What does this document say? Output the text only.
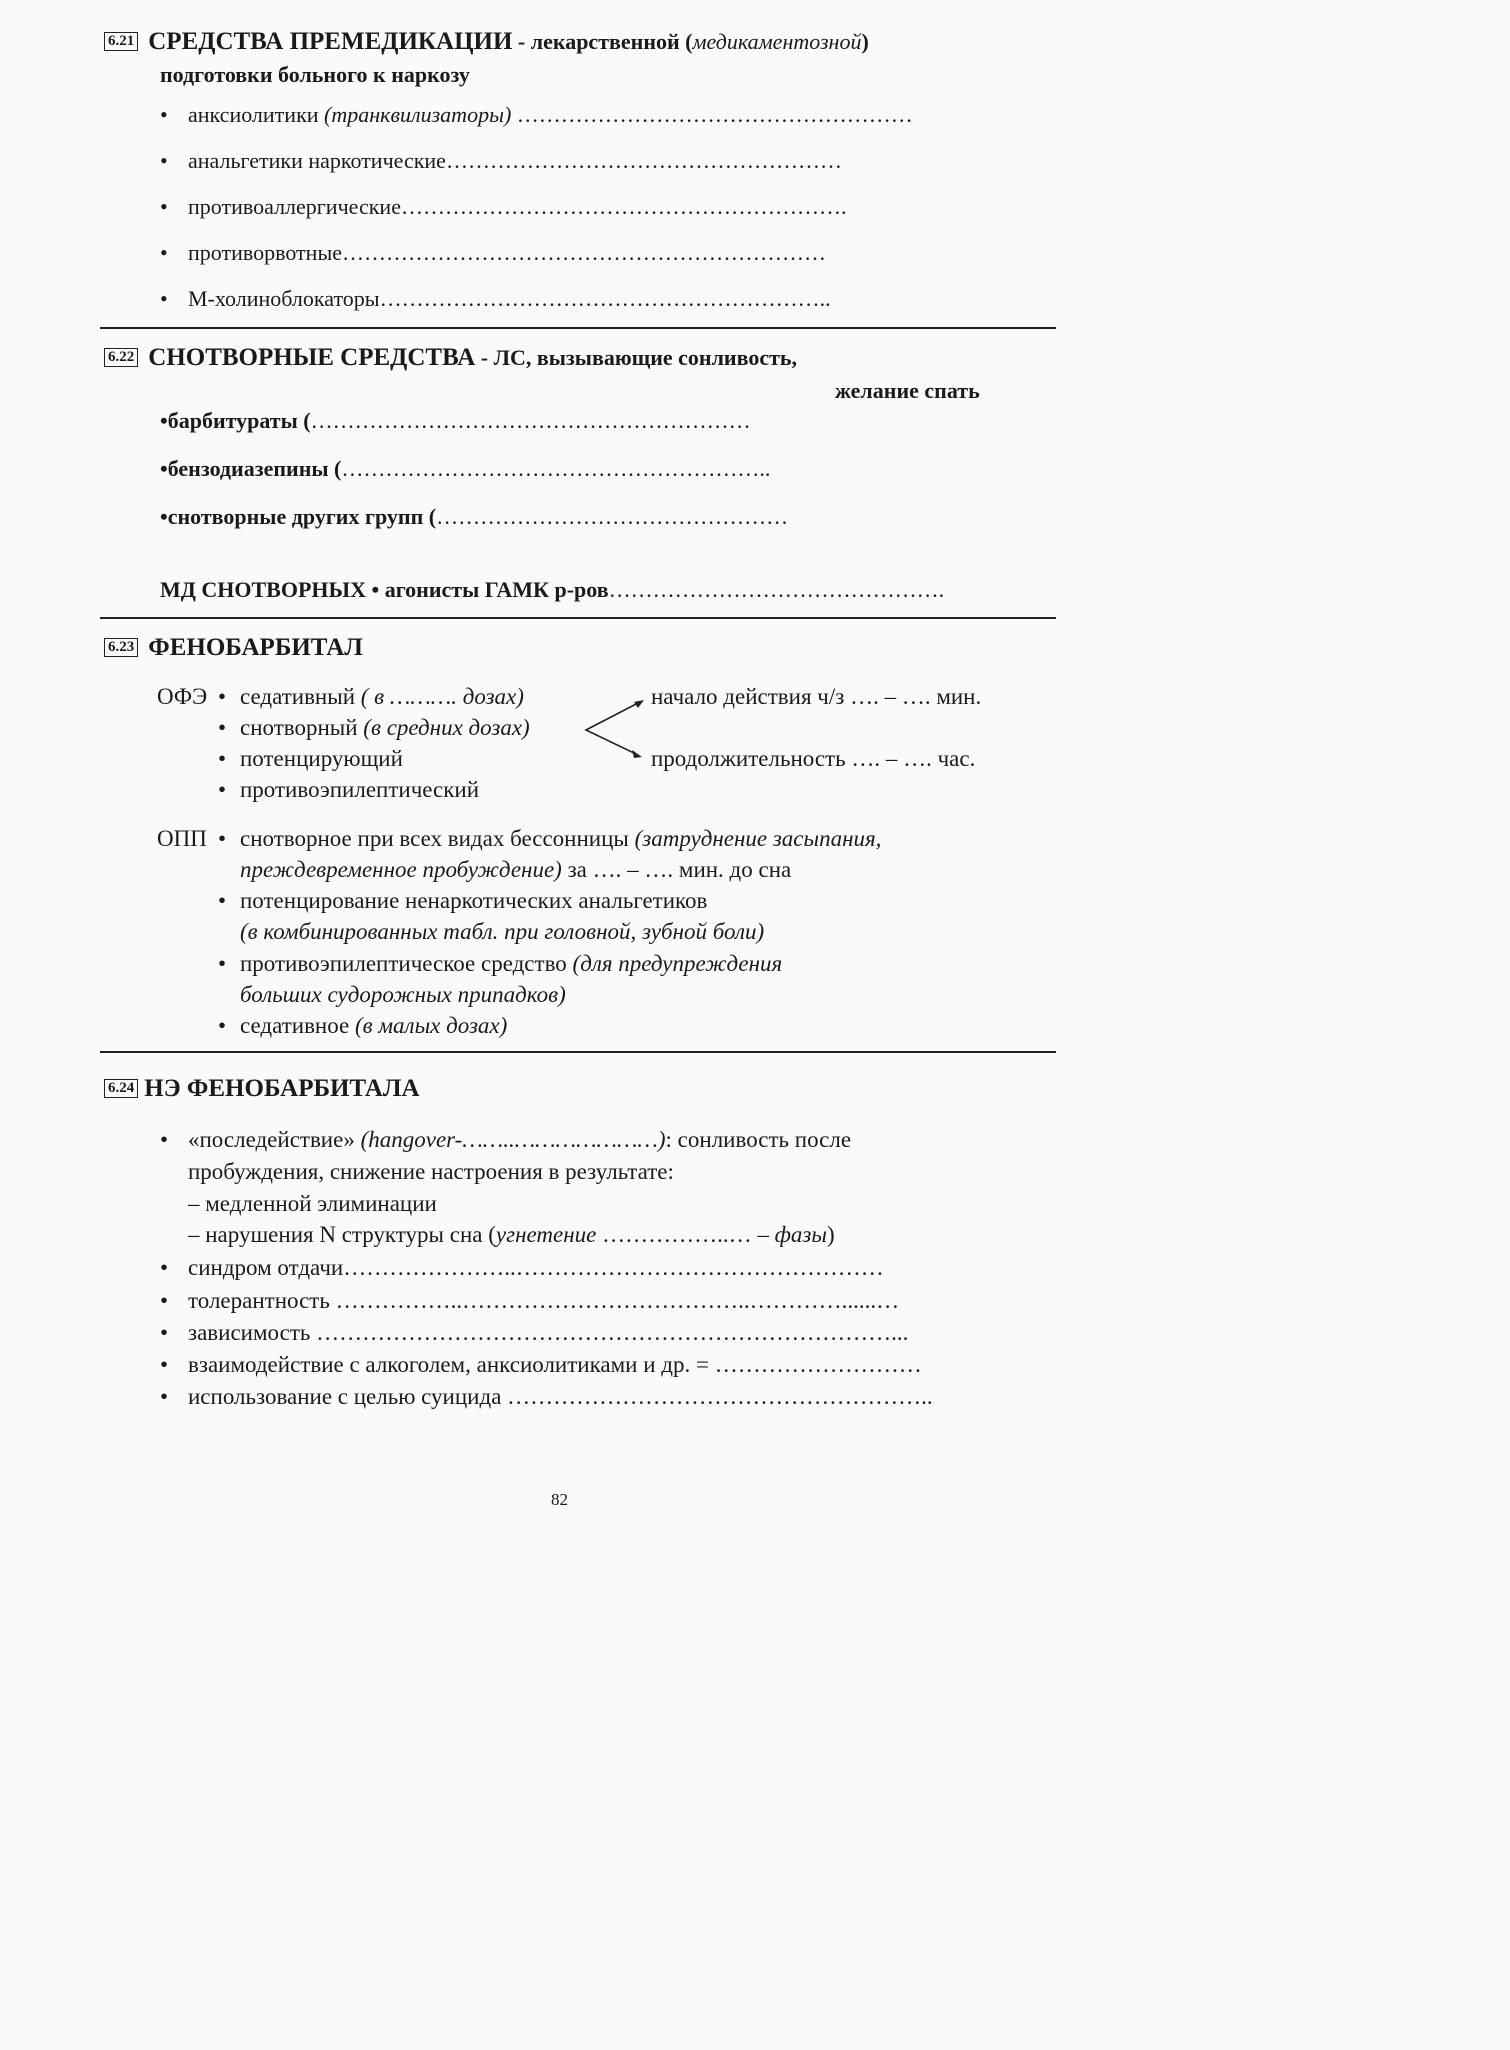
6.21 СРЕДСТВА ПРЕМЕДИКАЦИИ - лекарственной (медикаментозной)
подготовки больного к наркозу
• анксиолитики (транквилизаторы) ………………………………………………
• анальгетики наркотические………………………………………………
• противоаллергические…………………………………………………….
• противорвотные…………………………………………………………
• М-холиноблокаторы……………………………………………………..
6.22 СНОТВОРНЫЕ СРЕДСТВА - ЛС, вызывающие сонливость,
желание спать
•барбитураты (……………………………………………………
•бензодиазепины (…………………………………………………..
•снотворные других групп (…………………………………………
МД СНОТВОРНЫХ • агонисты ГАМК р-ров……………………………………….
6.23 ФЕНОБАРБИТАЛ
ОФЭ • седативный ( в ………. дозах)
• снотворный (в средних дозах)
• потенцирующий
• противоэпилептический
начало действия ч/з …. – …. мин.
продолжительность …. – …. час.
ОПП • снотворное при всех видах бессонницы (затруднение засыпания,
преждевременное пробуждение) за …. – …. мин. до сна
• потенцирование ненаркотических анальгетиков
(в комбинированных табл. при головной, зубной боли)
• противоэпилептическое средство (для предупреждения
больших судорожных припадков)
• седативное (в малых дозах)
6.24 НЭ ФЕНОБАРБИТАЛА
• «последействие» (hangover-……..…………………): сонливость после
пробуждения, снижение настроения в результате:
– медленной элиминации
– нарушения N структуры сна (угнетение ……………..… – фазы)
• синдром отдачи…………………..…………………………………………
• толерантность ……………..………………………………..…………......…
• зависимость …………………………………………………………………...
• взаимодействие с алкоголем, анксиолитиками и др. = ………………………
• использование с целью суицида ………………………………………………..
82
